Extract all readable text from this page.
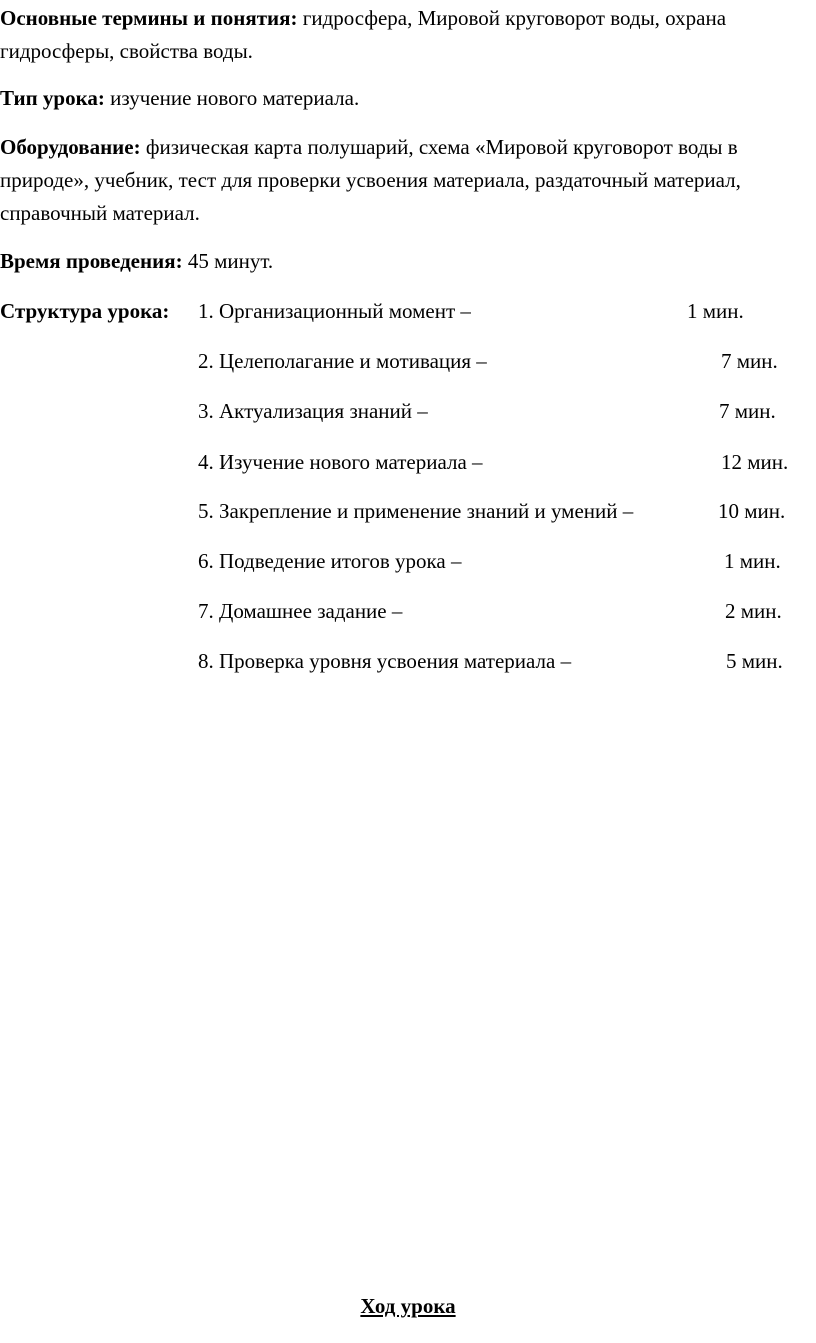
Основные термины и понятия: гидросфера, Мировой круговорот воды, охрана гидросферы, свойства воды.

Тип урока: изучение нового материала.

Оборудование: физическая карта полушарий, схема «Мировой круговорот воды в природе», учебник, тест для проверки усвоения материала, раздаточный материал, справочный материал.

Время проведения: 45 минут.

Структура урока: 1. Организационный момент –	1 мин.
2. Целеполагание и мотивация –	7 мин.
3. Актуализация знаний –	7 мин.
4. Изучение нового материала –	12 мин.
5. Закрепление и применение знаний и умений –	10 мин.
6. Подведение итогов урока –	1 мин.
7. Домашнее задание –	2 мин.
8. Проверка уровня усвоения материала –	5 мин.
Ход урока
